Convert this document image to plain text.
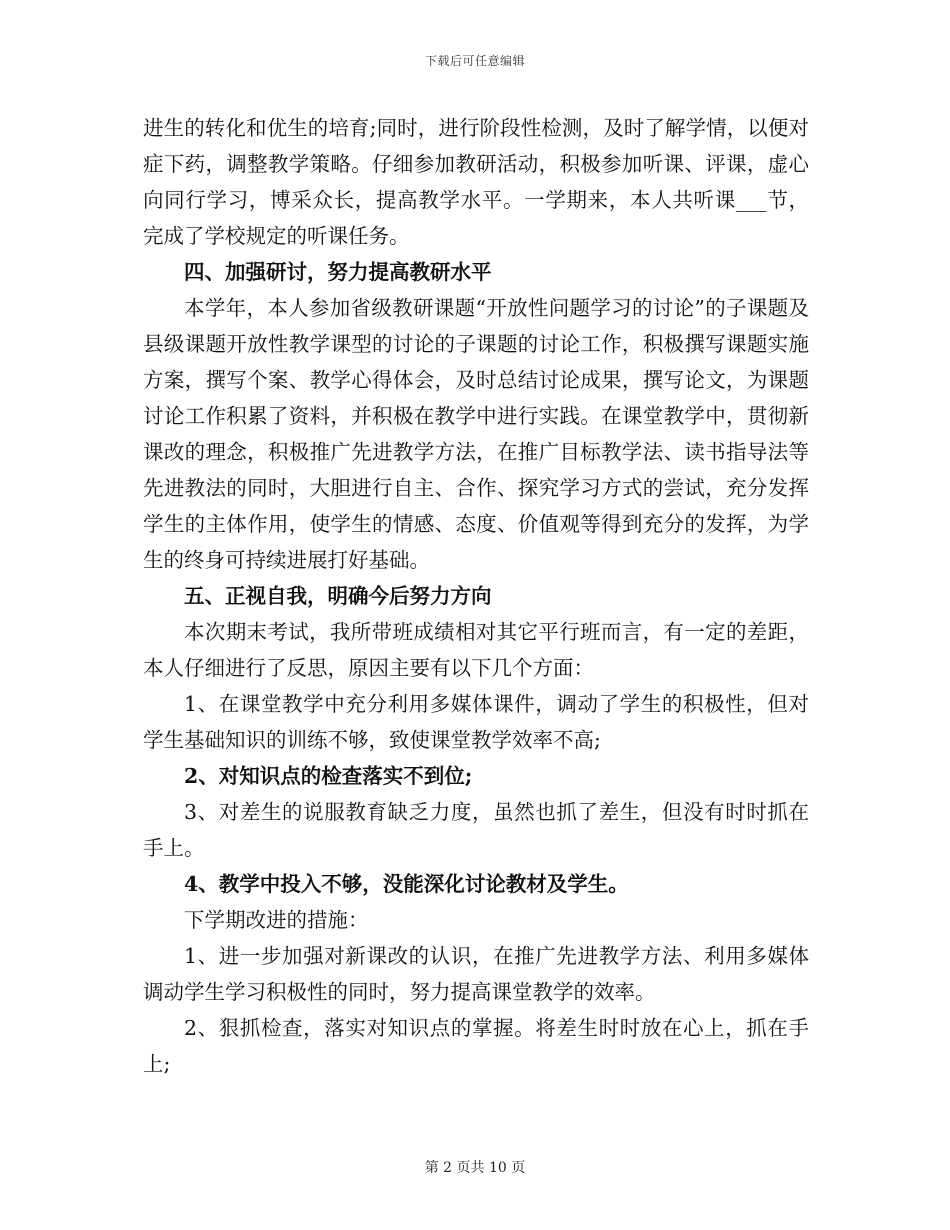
下载后可任意编辑

进生的转化和优生的培育;同时，进行阶段性检测，及时了解学情，以便对症下药，调整教学策略。仔细参加教研活动，积极参加听课、评课，虚心向同行学习，博采众长，提高教学水平。一学期来，本人共听课___节，完成了学校规定的听课任务。

四、加强研讨，努力提高教研水平

本学年，本人参加省级教研课题“开放性问题学习的讨论”的子课题及县级课题开放性教学课型的讨论的子课题的讨论工作，积极撰写课题实施方案，撰写个案、教学心得体会，及时总结讨论成果，撰写论文，为课题讨论工作积累了资料，并积极在教学中进行实践。在课堂教学中，贯彻新课改的理念，积极推广先进教学方法，在推广目标教学法、读书指导法等先进教法的同时，大胆进行自主、合作、探究学习方式的尝试，充分发挥学生的主体作用，使学生的情感、态度、价值观等得到充分的发挥，为学生的终身可持续进展打好基础。

五、正视自我，明确今后努力方向

本次期末考试，我所带班成绩相对其它平行班而言，有一定的差距，本人仔细进行了反思，原因主要有以下几个方面：

1、在课堂教学中充分利用多媒体课件，调动了学生的积极性，但对学生基础知识的训练不够，致使课堂教学效率不高;

2、对知识点的检查落实不到位;

3、对差生的说服教育缺乏力度，虽然也抓了差生，但没有时时抓在手上。

4、教学中投入不够，没能深化讨论教材及学生。

下学期改进的措施：

1、进一步加强对新课改的认识，在推广先进教学方法、利用多媒体调动学生学习积极性的同时，努力提高课堂教学的效率。

2、狠抓检查，落实对知识点的掌握。将差生时时放在心上，抓在手上;

第 2 页共 10 页
